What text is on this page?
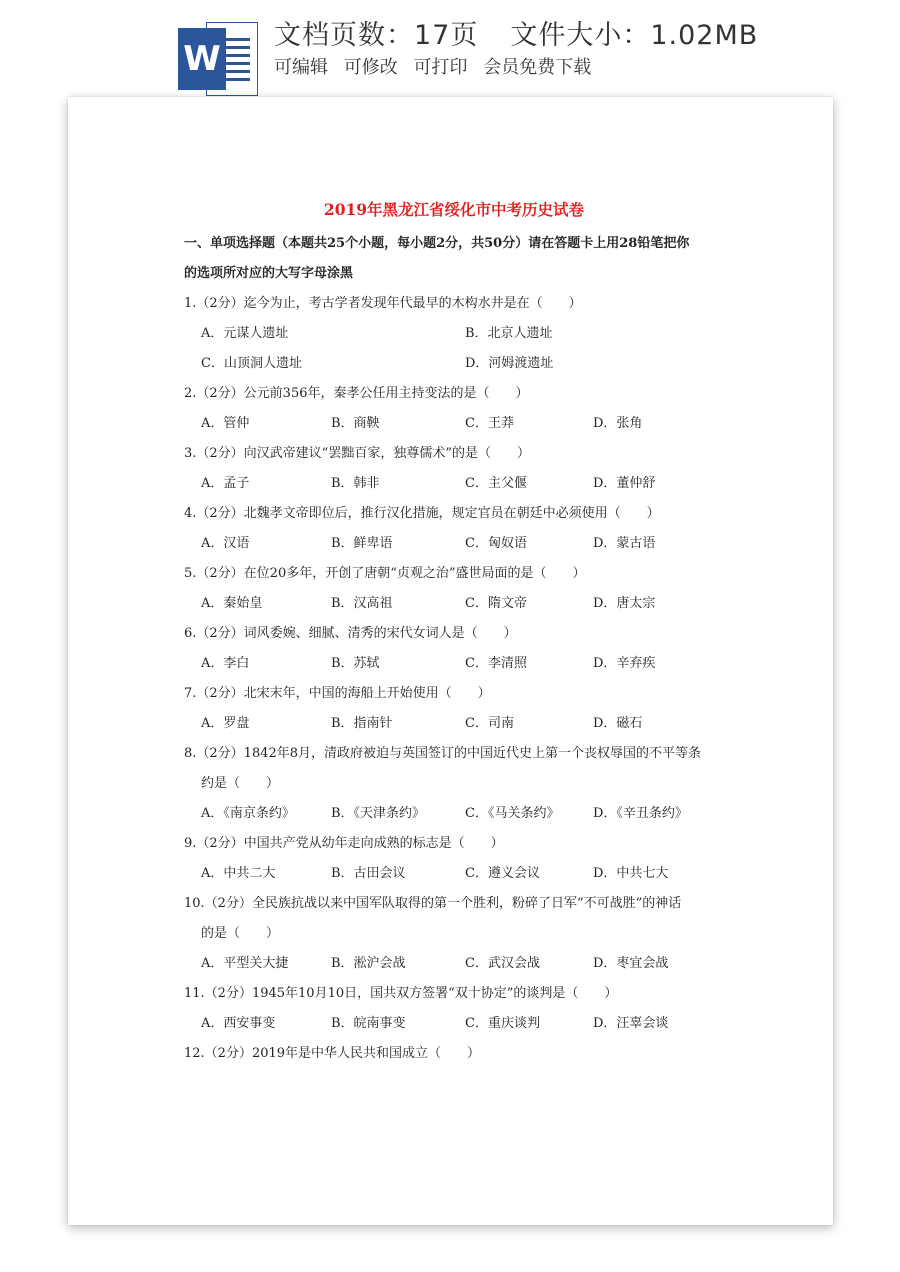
W
文档页数：17页 文件大小：1.02MB
可编辑 可修改 可打印 会员免费下载
2019年黑龙江省绥化市中考历史试卷
一、单项选择题（本题共25个小题，每小题2分，共50分）请在答题卡上用28铅笔把你
的选项所对应的大写字母涂黑
1.（2分）迄今为止，考古学者发现年代最早的木构水井是在（　　）
A．元谋人遗址	B．北京人遗址
C．山顶洞人遗址	D．河姆渡遗址
2.（2分）公元前356年，秦孝公任用主持变法的是（　　）
A．管仲	B．商鞅	C．王莽	D．张角
3.（2分）向汉武帝建议“罢黜百家，独尊儒术”的是（　　）
A．孟子	B．韩非	C．主父偃	D．董仲舒
4.（2分）北魏孝文帝即位后，推行汉化措施，规定官员在朝廷中必须使用（　　）
A．汉语	B．鲜卑语	C．匈奴语	D．蒙古语
5.（2分）在位20多年，开创了唐朝“贞观之治”盛世局面的是（　　）
A．秦始皇	B．汉高祖	C．隋文帝	D．唐太宗
6.（2分）词风委婉、细腻、清秀的宋代女词人是（　　）
A．李白	B．苏轼	C．李清照	D．辛弃疾
7.（2分）北宋末年，中国的海船上开始使用（　　）
A．罗盘	B．指南针	C．司南	D．磁石
8.（2分）1842年8月，清政府被迫与英国签订的中国近代史上第一个丧权辱国的不平等条
约是（　　）
A．《南京条约》	B．《天津条约》	C．《马关条约》	D．《辛丑条约》
9.（2分）中国共产党从幼年走向成熟的标志是（　　）
A．中共二大	B．古田会议	C．遵义会议	D．中共七大
10.（2分）全民族抗战以来中国军队取得的第一个胜利，粉碎了日军“不可战胜”的神话
的是（　　）
A．平型关大捷	B．淞沪会战	C．武汉会战	D．枣宜会战
11.（2分）1945年10月10日，国共双方签署“双十协定”的谈判是（　　）
A．西安事变	B．皖南事变	C．重庆谈判	D．汪辜会谈
12.（2分）2019年是中华人民共和国成立（　　）
